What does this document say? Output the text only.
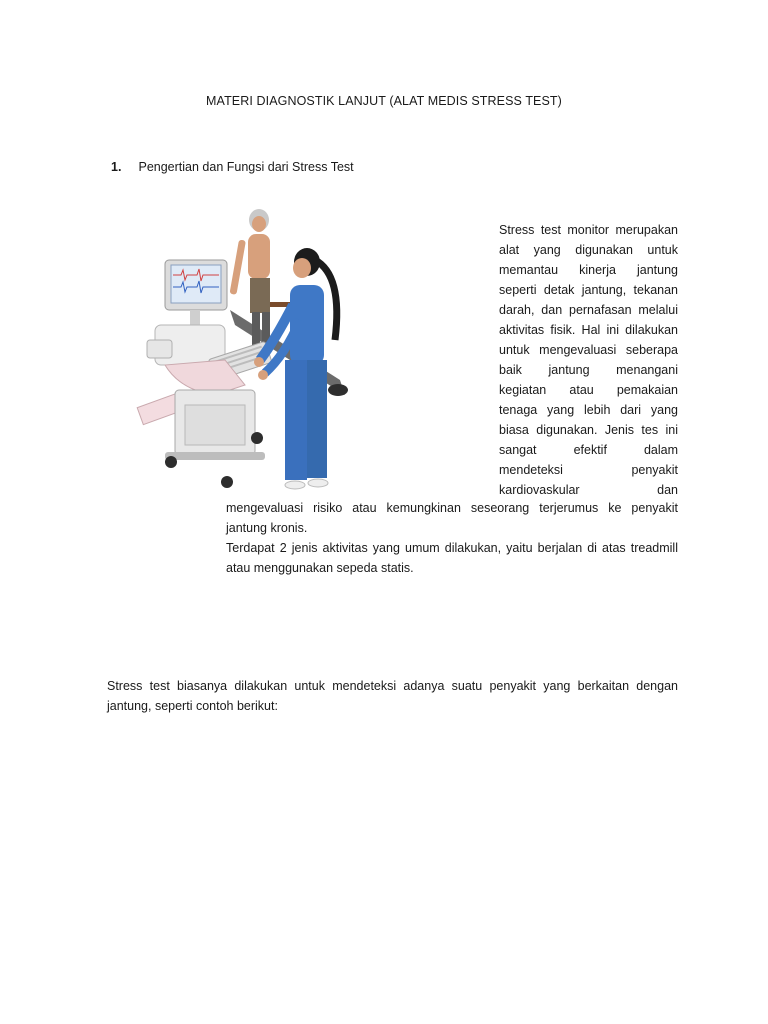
MATERI DIAGNOSTIK LANJUT (ALAT MEDIS STRESS TEST)
1. Pengertian dan Fungsi dari Stress Test
Stress test monitor merupakan
alat yang digunakan untuk
memantau kinerja jantung
seperti detak jantung, tekanan
darah, dan pernafasan melalui
aktivitas fisik. Hal ini dilakukan
untuk mengevaluasi seberapa
baik jantung menangani
kegiatan atau pemakaian
tenaga yang lebih dari yang
biasa digunakan. Jenis tes ini
sangat efektif dalam
mendeteksi penyakit
kardiovaskular dan
mengevaluasi risiko atau kemungkinan seseorang terjerumus ke penyakit
jantung kronis.
Terdapat 2 jenis aktivitas yang umum dilakukan, yaitu berjalan di atas treadmill
atau menggunakan sepeda statis.
Stress test biasanya dilakukan untuk mendeteksi adanya suatu penyakit yang berkaitan dengan
jantung, seperti contoh berikut:
